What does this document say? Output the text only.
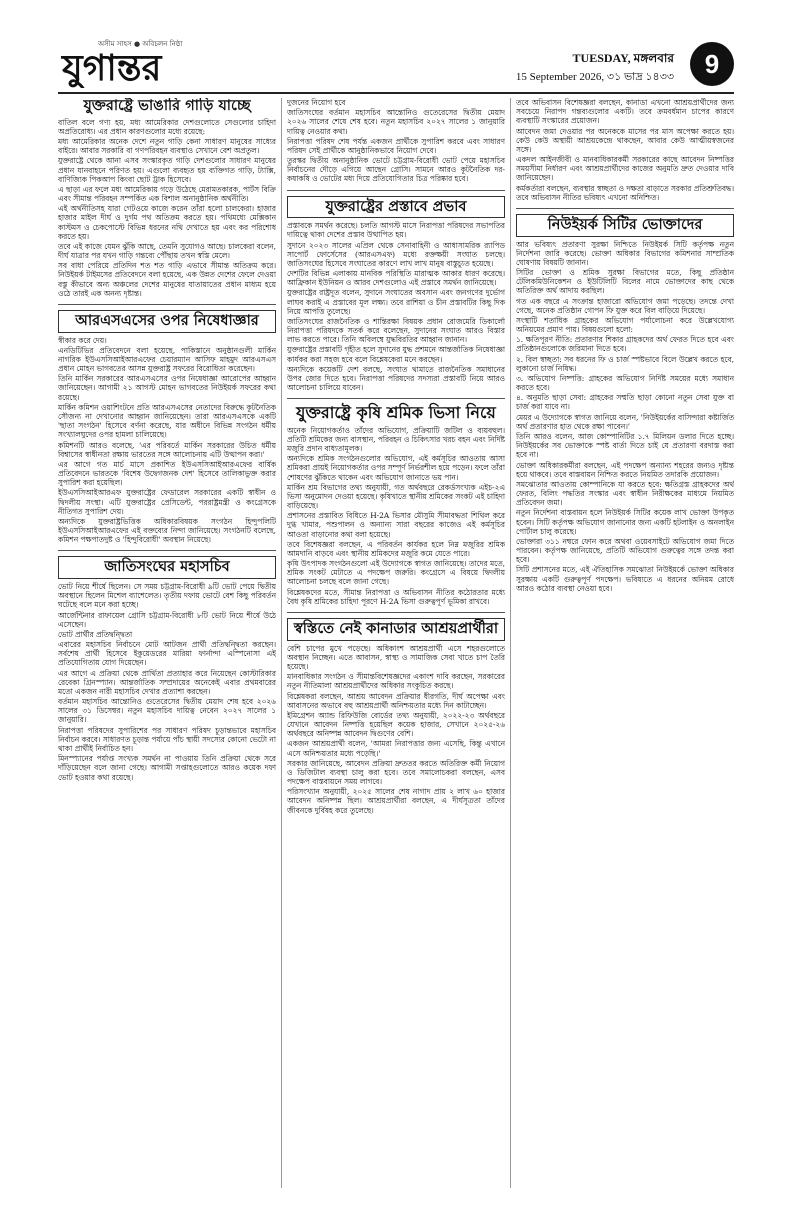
যুগান্তর
অসীম সাহস ● অবিচলন নিষ্ঠা
TUESDAY, মঙ্গলবার
15 September 2026, ৩১ ভাদ্র ১৪৩৩	9
যুক্তরাষ্ট্রে ভাঙারি গাড়ি যাচ্ছে

বাতিল বলে গণ্য হয়, মধ্য আমেরিকার দেশগুলোতে সেগুলোর চাহিদা অপ্রতিরোধ্য। এর প্রধান কারণগুলোর মধ্যে রয়েছে:

মধ্য আমেরিকার অনেক দেশে নতুন গাড়ি কেনা সাধারণ মানুষের সাধ্যের বাইরে। আবার সরকারি বা গণপরিবহন ব্যবস্থাও সেখানে বেশ অপ্রতুল।

যুক্তরাষ্ট্রে থেকে আনা এসব সংস্কারকৃত গাড়ি দেশগুলোর সাধারণ মানুষের প্রধান যানবাহনে পরিণত হয়। এগুলো ব্যবহৃত হয় ব্যক্তিগত গাড়ি, ট্যাক্সি, বাণিজ্যিক পিকআপ কিংবা ছোট ট্রাক হিসেবে।

এ ছাড়া এর ফলে মধ্য আমেরিকায় গড়ে উঠেছে মেরামতকারক, পার্টস বিক্রি এবং সীমান্ত পরিবহন সম্পর্কিত এক বিশাল অনানুষ্ঠানিক অর্থনীতি।

এই অর্থনীতিসহ যারা গেটওয়ে কাজে করেন তাঁরা হলো চালকেরা। হাজার হাজার মাইল দীর্ঘ ও দুর্গম পথ অতিক্রম করতে হয়। পথিমধ্যে মেক্সিকান কাস্টমস ও চেকপোস্টে বিভিন্ন ধরনের নথি দেখাতে হয় এবং কর পরিশোধ করতে হয়।

তবে এই কাজে যেমন ঝুঁকি আছে, তেমনি সুযোগও আছে। চালকেরা বলেন, দীর্ঘ যাত্রার পর যখন গাড়ি গন্তব্যে পৌঁছায় তখন স্বস্তি মেলে।

সব বাধা পেরিয়ে প্রতিদিন শত শত গাড়ি এভাবে সীমান্ত অতিক্রম করে। নিউইয়র্ক টাইমসের প্রতিবেদনে বলা হয়েছে, এক উন্নত দেশের ফেলে দেওয়া বস্তু কীভাবে অন্য অঞ্চলের দেশের মানুষের যাতায়াতের প্রধান মাধ্যম হয়ে ওঠে তারই এক অনন্য দৃষ্টান্ত।

আরএসএসের ওপর নিষেধাজ্ঞার

স্বীকার করে দেয়।

এনডিটিভির প্রতিবেদনে বলা হয়েছে, পাকিস্তানে অনুষ্ঠানগুলী মার্কিন নাগরিক ইউএসসিআইআরএফের চেয়ারম্যান আসিফ মাহমুদ আরএসএস প্রধান মোহন ভাগবতের আসন্ন যুক্তরাষ্ট্র সফরের বিরোধিতা করেছেন।

তিনি মার্কিন সরকারের আরএসএসের ওপর নিষেধাজ্ঞা আরোপের আহ্বান জানিয়েছেন। আগামী ২১ আগস্ট মোহন ভাগবতের নিউইয়র্ক সফরের কথা রয়েছে।

মার্কিন কমিশন ওয়াশিংটনে প্রতি আরএসএসের নেতাদের বিরুদ্ধে কূটনৈতিক সৌজন্য না দেখানোর আহ্বান জানিয়েছেন। তারা আরএসএসকে একটি 'ছাতা সংগঠন' হিসেবে বর্ণনা করেছে, যার অধীনে বিভিন্ন সংগঠন ধর্মীয় সংখ্যালঘুদের ওপর হামলা চালিয়েছে।

কমিশনটি আরও বলেছে, 'এর পরিবর্তে মার্কিন সরকারের উচিত ধর্মীয় বিশ্বাসের স্বাধীনতা রক্ষায় ভারতের সঙ্গে আলোচনায় এটি উত্থাপন করা।'

এর আগে গত মার্চ মাসে প্রকাশিত ইউএসসিআইআরএফের বার্ষিক প্রতিবেদনে ভারতকে 'বিশেষ উদ্বেগজনক দেশ' হিসেবে তালিকাভুক্ত করার সুপারিশ করা হয়েছিল।

ইউএসসিআইআরএফ যুক্তরাষ্ট্রের ফেডারেল সরকারের একটি স্বাধীন ও দ্বিদলীয় সংস্থা। এটি যুক্তরাষ্ট্রের প্রেসিডেন্ট, পররাষ্ট্রমন্ত্রী ও কংগ্রেসকে নীতিগত সুপারিশ দেয়।

অন্যদিকে যুক্তরাষ্ট্রভিত্তিক অধিকারবিষয়ক সংগঠন হিন্দুপলিটি ইউএসসিআইআরএফের এই বক্তব্যের নিন্দা জানিয়েছে। সংগঠনটি বলেছে, কমিশন পক্ষপাতদুষ্ট ও 'হিন্দুবিরোধী' অবস্থান নিয়েছে।

জাতিসংঘের মহাসচিব

ভোট নিয়ে শীর্ষে ছিলেন। সে সময় চট্টগ্রাম-বিরোধী ৯টি ভোট পেয়ে দ্বিতীয় অবস্থানে ছিলেন মিশেল ব্যাশেলেত। তৃতীয় দফায় ভোটে বেশ কিছু পরিবর্তন ঘটেছে বলে মনে করা হচ্ছে।

আর্জেন্টিনার রাফায়েল গ্রোসি চট্টগ্রাম-বিরোধী ৮টি ভোট নিয়ে শীর্ষে উঠে এসেছেন।

ভোট প্রার্থীর প্রতিদ্বন্দ্বিতা

এবারের মহাসচিব নির্বাচনে মোট আটজন প্রার্থী প্রতিদ্বন্দ্বিতা করছেন। সর্বশেষ প্রার্থী হিসেবে ইকুয়েডরের মারিয়া ফার্নান্দা এস্পিনোসা এই প্রতিযোগিতায় যোগ দিয়েছেন।

এর আগে এ প্রক্রিয়া থেকে প্রার্থিতা প্রত্যাহার করে নিয়েছেন কোস্টারিকার রেবেকা গ্রিনস্প্যান। আন্তর্জাতিক সম্প্রদায়ের অনেকেই এবার প্রথমবারের মতো একজন নারী মহাসচিব দেখার প্রত্যাশা করছেন।

বর্তমান মহাসচিব আন্তোনিও গুতেরেসের দ্বিতীয় মেয়াদ শেষ হবে ২০২৬ সালের ৩১ ডিসেম্বর। নতুন মহাসচিব দায়িত্ব নেবেন ২০২৭ সালের ১ জানুয়ারি।

নিরাপত্তা পরিষদের সুপারিশের পর সাধারণ পরিষদ চূড়ান্তভাবে মহাসচিব নির্বাচন করবে। সাধারণত চূড়ান্ত পর্যায়ে পাঁচ স্থায়ী সদস্যের কোনো ভেটো না থাকা প্রার্থীই নির্বাচিত হন।

মিনস্প্যানের পর্যাপ্ত সংখ্যক সমর্থন না পাওয়ায় তিনি প্রক্রিয়া থেকে সরে দাঁড়িয়েছেন বলে জানা গেছে। আগামী সপ্তাহগুলোতে আরও কয়েক দফা ভোট হওয়ার কথা রয়েছে।

দুজনের নিয়োগ হবে

জাতিসংঘের বর্তমান মহাসচিব আন্তোনিও গুতেরেসের দ্বিতীয় মেয়াদ ২০২৬ সালের শেষে শেষ হবে। নতুন মহাসচিব ২০২৭ সালের ১ জানুয়ারি দায়িত্ব নেওয়ার কথা।

নিরাপত্তা পরিষদ শেষ পর্যন্ত একজন প্রার্থীকে সুপারিশ করবে এবং সাধারণ পরিষদ সেই প্রার্থীকে আনুষ্ঠানিকভাবে নিয়োগ দেবে।

তুরস্কর দ্বিতীয় অনানুষ্ঠানিক ভোটে চট্টগ্রাম-বিরোধী ভোট পেয়ে মহাসচিব নির্বাচনের দৌড়ে এগিয়ে আছেন গ্রোসি। সামনে আরও কূটনৈতিক দর-কষাকষি ও ভোটের মধ্য দিয়ে প্রতিযোগিতার চিত্র পরিষ্কার হবে।

যুক্তরাষ্ট্রের প্রস্তাবে প্রভাব

প্রস্তাবকে সমর্থন করেছে। চলতি আগস্ট মাসে নিরাপত্তা পরিষদের সভাপতির দায়িত্বে থাকা দেশের প্রস্তাব উত্থাপিত হয়।

সুদানে ২০২৩ সালের এপ্রিল থেকে সেনাবাহিনী ও আধাসামরিক র‍্যাপিড সাপোর্ট ফোর্সেসের (আরএসএফ) মধ্যে রক্তক্ষয়ী সংঘাত চলছে। জাতিসংঘের হিসেবে সংঘাতের কারণে লাখ লাখ মানুষ বাস্তুচ্যুত হয়েছে।

দেশটির বিভিন্ন এলাকায় মানবিক পরিস্থিতি মারাত্মক আকার ধারণ করেছে। আফ্রিকান ইউনিয়ন ও আরব দেশগুলোও এই প্রস্তাবে সমর্থন জানিয়েছে।

যুক্তরাষ্ট্রের রাষ্ট্রদূত বলেন, সুদানে সংঘাতের অবসান এবং জনগণের দুর্ভোগ লাঘব করাই এ প্রস্তাবের মূল লক্ষ্য। তবে রাশিয়া ও চীন প্রস্তাবটির কিছু দিক নিয়ে আপত্তি তুলেছে।

জাতিসংঘের রাজনৈতিক ও শান্তিরক্ষা বিষয়ক প্রধান রোজমেরি ডিকার্লো নিরাপত্তা পরিষদকে সতর্ক করে বলেছেন, সুদানের সংঘাত আরও বিস্তার লাভ করতে পারে। তিনি অবিলম্বে যুদ্ধবিরতির আহ্বান জানান।

যুক্তরাষ্ট্রের প্রস্তাবটি গৃহীত হলে সুদানের যুদ্ধ প্রশমনে আন্তর্জাতিক নিষেধাজ্ঞা কার্যকর করা সহজ হবে বলে বিশ্লেষকেরা মনে করছেন।

অন্যদিকে কয়েকটি দেশ বলছে, সংঘাত থামাতে রাজনৈতিক সমাধানের উপর জোর দিতে হবে। নিরাপত্তা পরিষদের সদস্যরা প্রস্তাবটি নিয়ে আরও আলোচনা চালিয়ে যাবেন।

যুক্তরাষ্ট্রে কৃষি শ্রমিক ভিসা নিয়ে

অনেক নিয়োগকর্তাও তাঁদের অভিযোগ, প্রক্রিয়াটি জটিল ও ব্যয়বহুল। প্রতিটি শ্রমিকের জন্য বাসস্থান, পরিবহন ও চিকিৎসার খরচ বহন এবং নির্দিষ্ট মজুরি প্রদান বাধ্যতামূলক।

অন্যদিকে শ্রমিক সংগঠনগুলোর অভিযোগ, এই কর্মসূচির আওতায় আসা শ্রমিকরা প্রায়ই নিয়োগকর্তার ওপর সম্পূর্ণ নির্ভরশীল হয়ে পড়েন। ফলে তাঁরা শোষণের ঝুঁকিতে থাকেন এবং অভিযোগ জানাতে ভয় পান।

মার্কিন শ্রম বিভাগের তথ্য অনুযায়ী, গত অর্থবছরে রেকর্ডসংখ্যক এইচ-২এ ভিসা অনুমোদন দেওয়া হয়েছে। কৃষিখাতে স্থানীয় শ্রমিকের সংকট এই চাহিদা বাড়িয়েছে।

প্রশাসনের প্রস্তাবিত বিধিতে H-2A ভিসার মৌসুমি সীমাবদ্ধতা শিথিল করে দুগ্ধ খামার, পশুপালন ও অন্যান্য সারা বছরের কাজেও এই কর্মসূচির আওতা বাড়ানোর কথা বলা হয়েছে।

তবে বিশেষজ্ঞরা বলছেন, এ পরিবর্তন কার্যকর হলে নিম্ন মজুরির শ্রমিক আমদানি বাড়বে এবং স্থানীয় শ্রমিকদের মজুরি কমে যেতে পারে।

কৃষি উৎপাদক সংগঠনগুলো এই উদ্যোগকে স্বাগত জানিয়েছে। তাদের মতে, শ্রমিক সংকট মেটাতে এ পদক্ষেপ জরুরি। কংগ্রেসে এ বিষয়ে দ্বিদলীয় আলোচনা চলছে বলে জানা গেছে।

বিশ্লেষকদের মতে, সীমান্ত নিরাপত্তা ও অভিবাসন নীতির কঠোরতার মধ্যে বৈধ কৃষি শ্রমিকের চাহিদা পূরণে H-2A ভিসা গুরুত্বপূর্ণ ভূমিকা রাখবে।

স্বস্তিতে নেই কানাডার আশ্রয়প্রার্থীরা

বেশি চাপের মুখে পড়েছে। অধিকাংশ আশ্রয়প্রার্থী এসে শহরগুলোতে অবস্থান নিচ্ছেন। এতে আবাসন, স্বাস্থ্য ও সামাজিক সেবা খাতে চাপ তৈরি হয়েছে।

মানবাধিকার সংগঠন ও সীমান্তবিশেষজ্ঞদের একাংশ দাবি করছেন, সরকারের নতুন নীতিমালা আশ্রয়প্রার্থীদের অধিকার সংকুচিত করছে।

বিশ্লেষকরা বলছেন, আশ্রয় আবেদন প্রক্রিয়ার ধীরগতি, দীর্ঘ অপেক্ষা এবং আবাসনের অভাবে বহু আশ্রয়প্রার্থী অনিশ্চয়তার মধ্যে দিন কাটাচ্ছেন।

ইমিগ্রেশন অ্যান্ড রিফিউজি বোর্ডের তথ্য অনুযায়ী, ২০২২-২৩ অর্থবছরে যেখানে আবেদন নিষ্পত্তি হয়েছিল কয়েক হাজার, সেখানে ২০২৫-২৬ অর্থবছরে অনিষ্পন্ন আবেদন দ্বিগুণের বেশি।

একজন আশ্রয়প্রার্থী বলেন, 'আমরা নিরাপত্তার জন্য এসেছি, কিন্তু এখানে এসে অনিশ্চয়তার মধ্যে পড়েছি।'

সরকার জানিয়েছে, আবেদন প্রক্রিয়া দ্রুততর করতে অতিরিক্ত কর্মী নিয়োগ ও ডিজিটাল ব্যবস্থা চালু করা হবে। তবে সমালোচকরা বলছেন, এসব পদক্ষেপ বাস্তবায়নে সময় লাগবে।

পরিসংখ্যান অনুযায়ী, ২০২৫ সালের শেষ নাগাদ প্রায় ২ লাখ ৬০ হাজার আবেদন অনিষ্পন্ন ছিল। আশ্রয়প্রার্থীরা বলছেন, এ দীর্ঘসূত্রতা তাঁদের জীবনকে দুর্বিষহ করে তুলেছে।

তবে অভিবাসন বিশেষজ্ঞরা বলছেন, কানাডা এখনো আশ্রয়প্রার্থীদের জন্য সবচেয়ে নিরাপদ গন্তব্যগুলোর একটি। তবে ক্রমবর্ধমান চাপের কারণে ব্যবস্থাটি সংস্কারের প্রয়োজন।

আবেদন জমা দেওয়ার পর অনেককে মাসের পর মাস অপেক্ষা করতে হয়। কেউ কেউ অস্থায়ী আশ্রয়কেন্দ্রে থাকছেন, আবার কেউ আত্মীয়স্বজনের সঙ্গে।

একদল আইনজীবী ও মানবাধিকারকর্মী সরকারের কাছে আবেদন নিষ্পত্তির সময়সীমা নির্ধারণ এবং আশ্রয়প্রার্থীদের কাজের অনুমতি দ্রুত দেওয়ার দাবি জানিয়েছেন।

কর্মকর্তারা বলছেন, ব্যবস্থার স্বচ্ছতা ও দক্ষতা বাড়াতে সরকার প্রতিশ্রুতিবদ্ধ। তবে অভিবাসন নীতির ভবিষ্যৎ এখনো অনিশ্চিত।

নিউইয়র্ক সিটির ভোক্তাদের

আর ভবিষ্যৎ প্রতারণা সুরক্ষা নিশ্চিতে নিউইয়র্ক সিটি কর্তৃপক্ষ নতুন নির্দেশনা জারি করেছে। ভোক্তা অধিকার বিভাগের কমিশনার সাম্প্রতিক ঘোষণায় বিষয়টি জানান।

সিটির ভোক্তা ও শ্রমিক সুরক্ষা বিভাগের মতে, কিছু প্রতিষ্ঠান টেলিকমিউনিকেশন ও ইউটিলিটি বিলের নামে ভোক্তাদের কাছ থেকে অতিরিক্ত অর্থ আদায় করছিল।

গত এক বছরে এ সংক্রান্ত হাজারো অভিযোগ জমা পড়েছে। তদন্তে দেখা গেছে, অনেক প্রতিষ্ঠান গোপন ফি যুক্ত করে বিল বাড়িয়ে দিয়েছে।

সংস্থাটি শতাধিক গ্রাহকের অভিযোগ পর্যালোচনা করে উল্লেখযোগ্য অনিয়মের প্রমাণ পায়। বিষয়গুলো হলো:

১. ক্ষতিপূরণ নীতি: প্রতারণার শিকার গ্রাহকদের অর্থ ফেরত দিতে হবে এবং প্রতিষ্ঠানগুলোকে জরিমানা দিতে হবে।

২. বিল স্বচ্ছতা: সব ধরনের ফি ও চার্জ স্পষ্টভাবে বিলে উল্লেখ করতে হবে, লুকানো চার্জ নিষিদ্ধ।

৩. অভিযোগ নিষ্পত্তি: গ্রাহকের অভিযোগ নির্দিষ্ট সময়ের মধ্যে সমাধান করতে হবে।

৪. অনুমতি ছাড়া সেবা: গ্রাহকের সম্মতি ছাড়া কোনো নতুন সেবা যুক্ত বা চার্জ করা যাবে না।

মেয়র এ উদ্যোগকে স্বাগত জানিয়ে বলেন, 'নিউইয়র্কের বাসিন্দারা কষ্টার্জিত অর্থ প্রতারণার হাত থেকে রক্ষা পাবেন।'

তিনি আরও বলেন, আজ কোম্পানিটির ১.৭ মিলিয়ন ডলার দিতে হচ্ছে। নিউইয়র্কের সব ভোক্তাকে স্পষ্ট বার্তা দিতে চাই যে প্রতারণা বরদাস্ত করা হবে না।

ভোক্তা অধিকারকর্মীরা বলছেন, এই পদক্ষেপ অন্যান্য শহরের জন্যও দৃষ্টান্ত হয়ে থাকবে। তবে বাস্তবায়ন নিশ্চিত করতে নিয়মিত তদারকি প্রয়োজন।

সমঝোতার আওতায় কোম্পানিকে যা করতে হবে: ক্ষতিগ্রস্ত গ্রাহকদের অর্থ ফেরত, বিলিং পদ্ধতির সংস্কার এবং স্বাধীন নিরীক্ষকের মাধ্যমে নিয়মিত প্রতিবেদন জমা।

নতুন নির্দেশনা বাস্তবায়ন হলে নিউইয়র্ক সিটির কয়েক লাখ ভোক্তা উপকৃত হবেন। সিটি কর্তৃপক্ষ অভিযোগ জানানোর জন্য একটি হটলাইন ও অনলাইন পোর্টাল চালু করেছে।

ভোক্তারা ৩১১ নম্বরে ফোন করে অথবা ওয়েবসাইটে অভিযোগ জমা দিতে পারবেন। কর্তৃপক্ষ জানিয়েছে, প্রতিটি অভিযোগ গুরুত্বের সঙ্গে তদন্ত করা হবে।

সিটি প্রশাসনের মতে, এই ঐতিহাসিক সমঝোতা নিউইয়র্কে ভোক্তা অধিকার সুরক্ষায় একটি গুরুত্বপূর্ণ পদক্ষেপ। ভবিষ্যতে এ ধরনের অনিয়ম রোধে আরও কঠোর ব্যবস্থা নেওয়া হবে।
